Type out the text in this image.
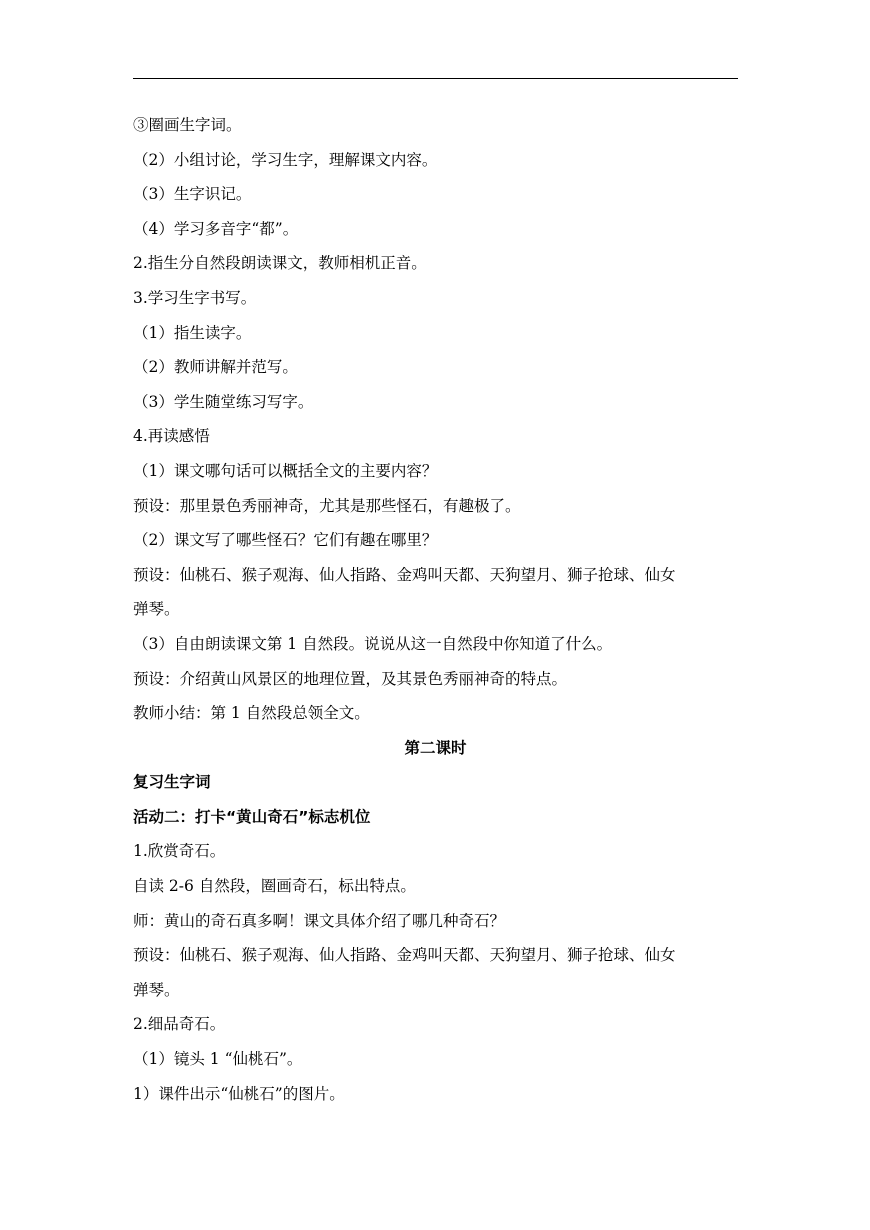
③圈画生字词。
（2）小组讨论，学习生字，理解课文内容。
（3）生字识记。
（4）学习多音字“都”。
2.指生分自然段朗读课文，教师相机正音。
3.学习生字书写。
（1）指生读字。
（2）教师讲解并范写。
（3）学生随堂练习写字。
4.再读感悟
（1）课文哪句话可以概括全文的主要内容？
预设：那里景色秀丽神奇，尤其是那些怪石，有趣极了。
（2）课文写了哪些怪石？它们有趣在哪里？
预设：仙桃石、猴子观海、仙人指路、金鸡叫天都、天狗望月、狮子抢球、仙女
弹琴。
（3）自由朗读课文第 1 自然段。说说从这一自然段中你知道了什么。
预设：介绍黄山风景区的地理位置，及其景色秀丽神奇的特点。
教师小结：第 1 自然段总领全文。
第二课时
复习生字词
活动二：打卡“黄山奇石”标志机位
1.欣赏奇石。
自读 2-6 自然段，圈画奇石，标出特点。
师：黄山的奇石真多啊！课文具体介绍了哪几种奇石？
预设：仙桃石、猴子观海、仙人指路、金鸡叫天都、天狗望月、狮子抢球、仙女
弹琴。
2.细品奇石。
（1）镜头 1 “仙桃石”。
1）课件出示“仙桃石”的图片。
